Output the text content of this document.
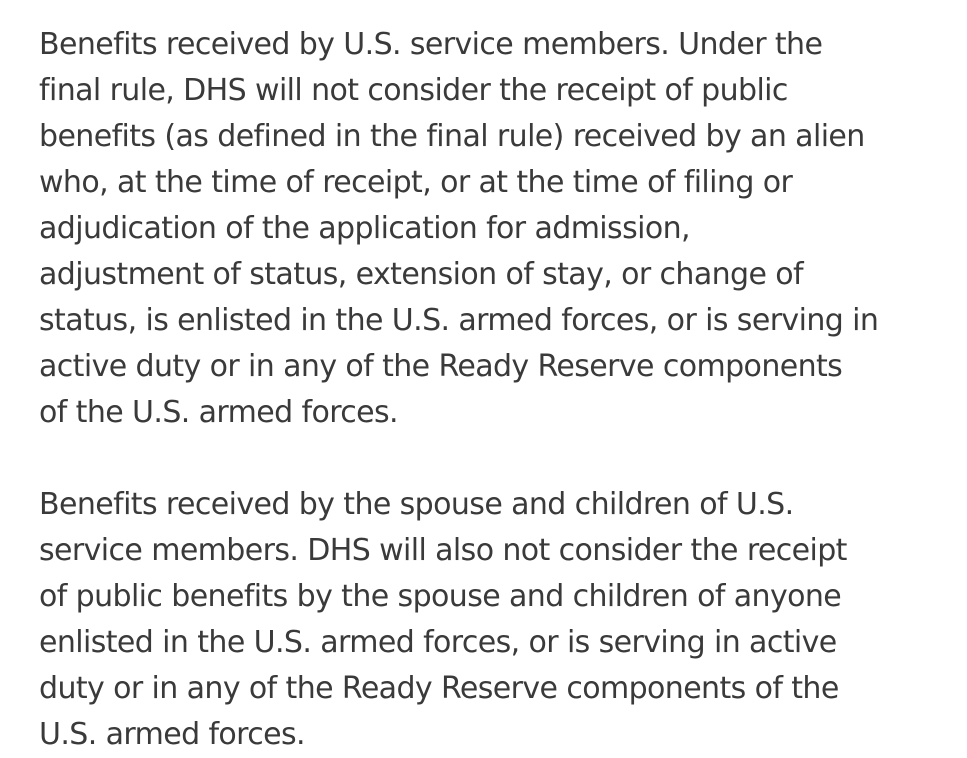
Benefits received by U.S. service members. Under the
final rule, DHS will not consider the receipt of public
benefits (as defined in the final rule) received by an alien
who, at the time of receipt, or at the time of filing or
adjudication of the application for admission,
adjustment of status, extension of stay, or change of
status, is enlisted in the U.S. armed forces, or is serving in
active duty or in any of the Ready Reserve components
of the U.S. armed forces.

Benefits received by the spouse and children of U.S.
service members. DHS will also not consider the receipt
of public benefits by the spouse and children of anyone
enlisted in the U.S. armed forces, or is serving in active
duty or in any of the Ready Reserve components of the
U.S. armed forces.
